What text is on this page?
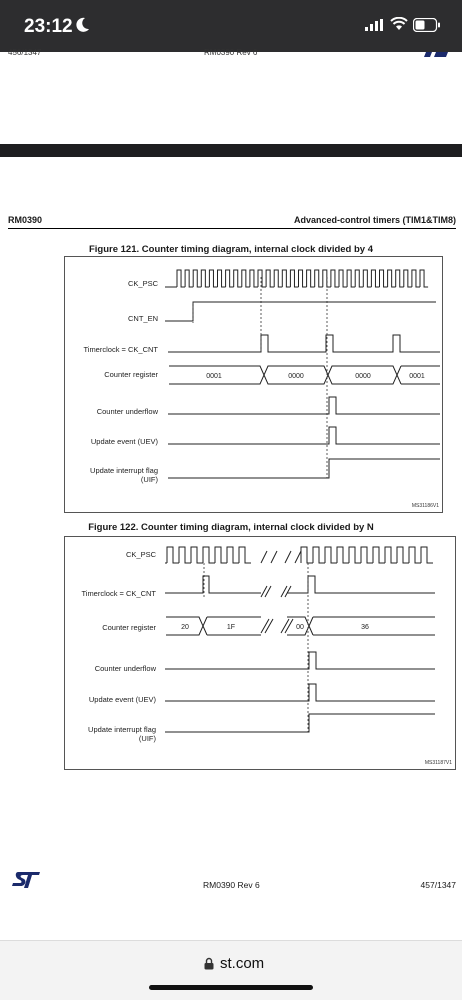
23:12
456/1347	RM0390 Rev 6
RM0390	Advanced-control timers (TIM1&TIM8)
Figure 121. Counter timing diagram, internal clock divided by 4
CK_PSC
CNT_EN
Timerclock = CK_CNT
Counter register
Counter underflow
Update event (UEV)
Update interrupt flag
(UIF)
0001	0000	0000	0001
MS31186V1
Figure 122. Counter timing diagram, internal clock divided by N
CK_PSC
Timerclock = CK_CNT
Counter register
Counter underflow
Update event (UEV)
Update interrupt flag
(UIF)
20	1F	00	36
MS31187V1
RM0390 Rev 6	457/1347
st.com
